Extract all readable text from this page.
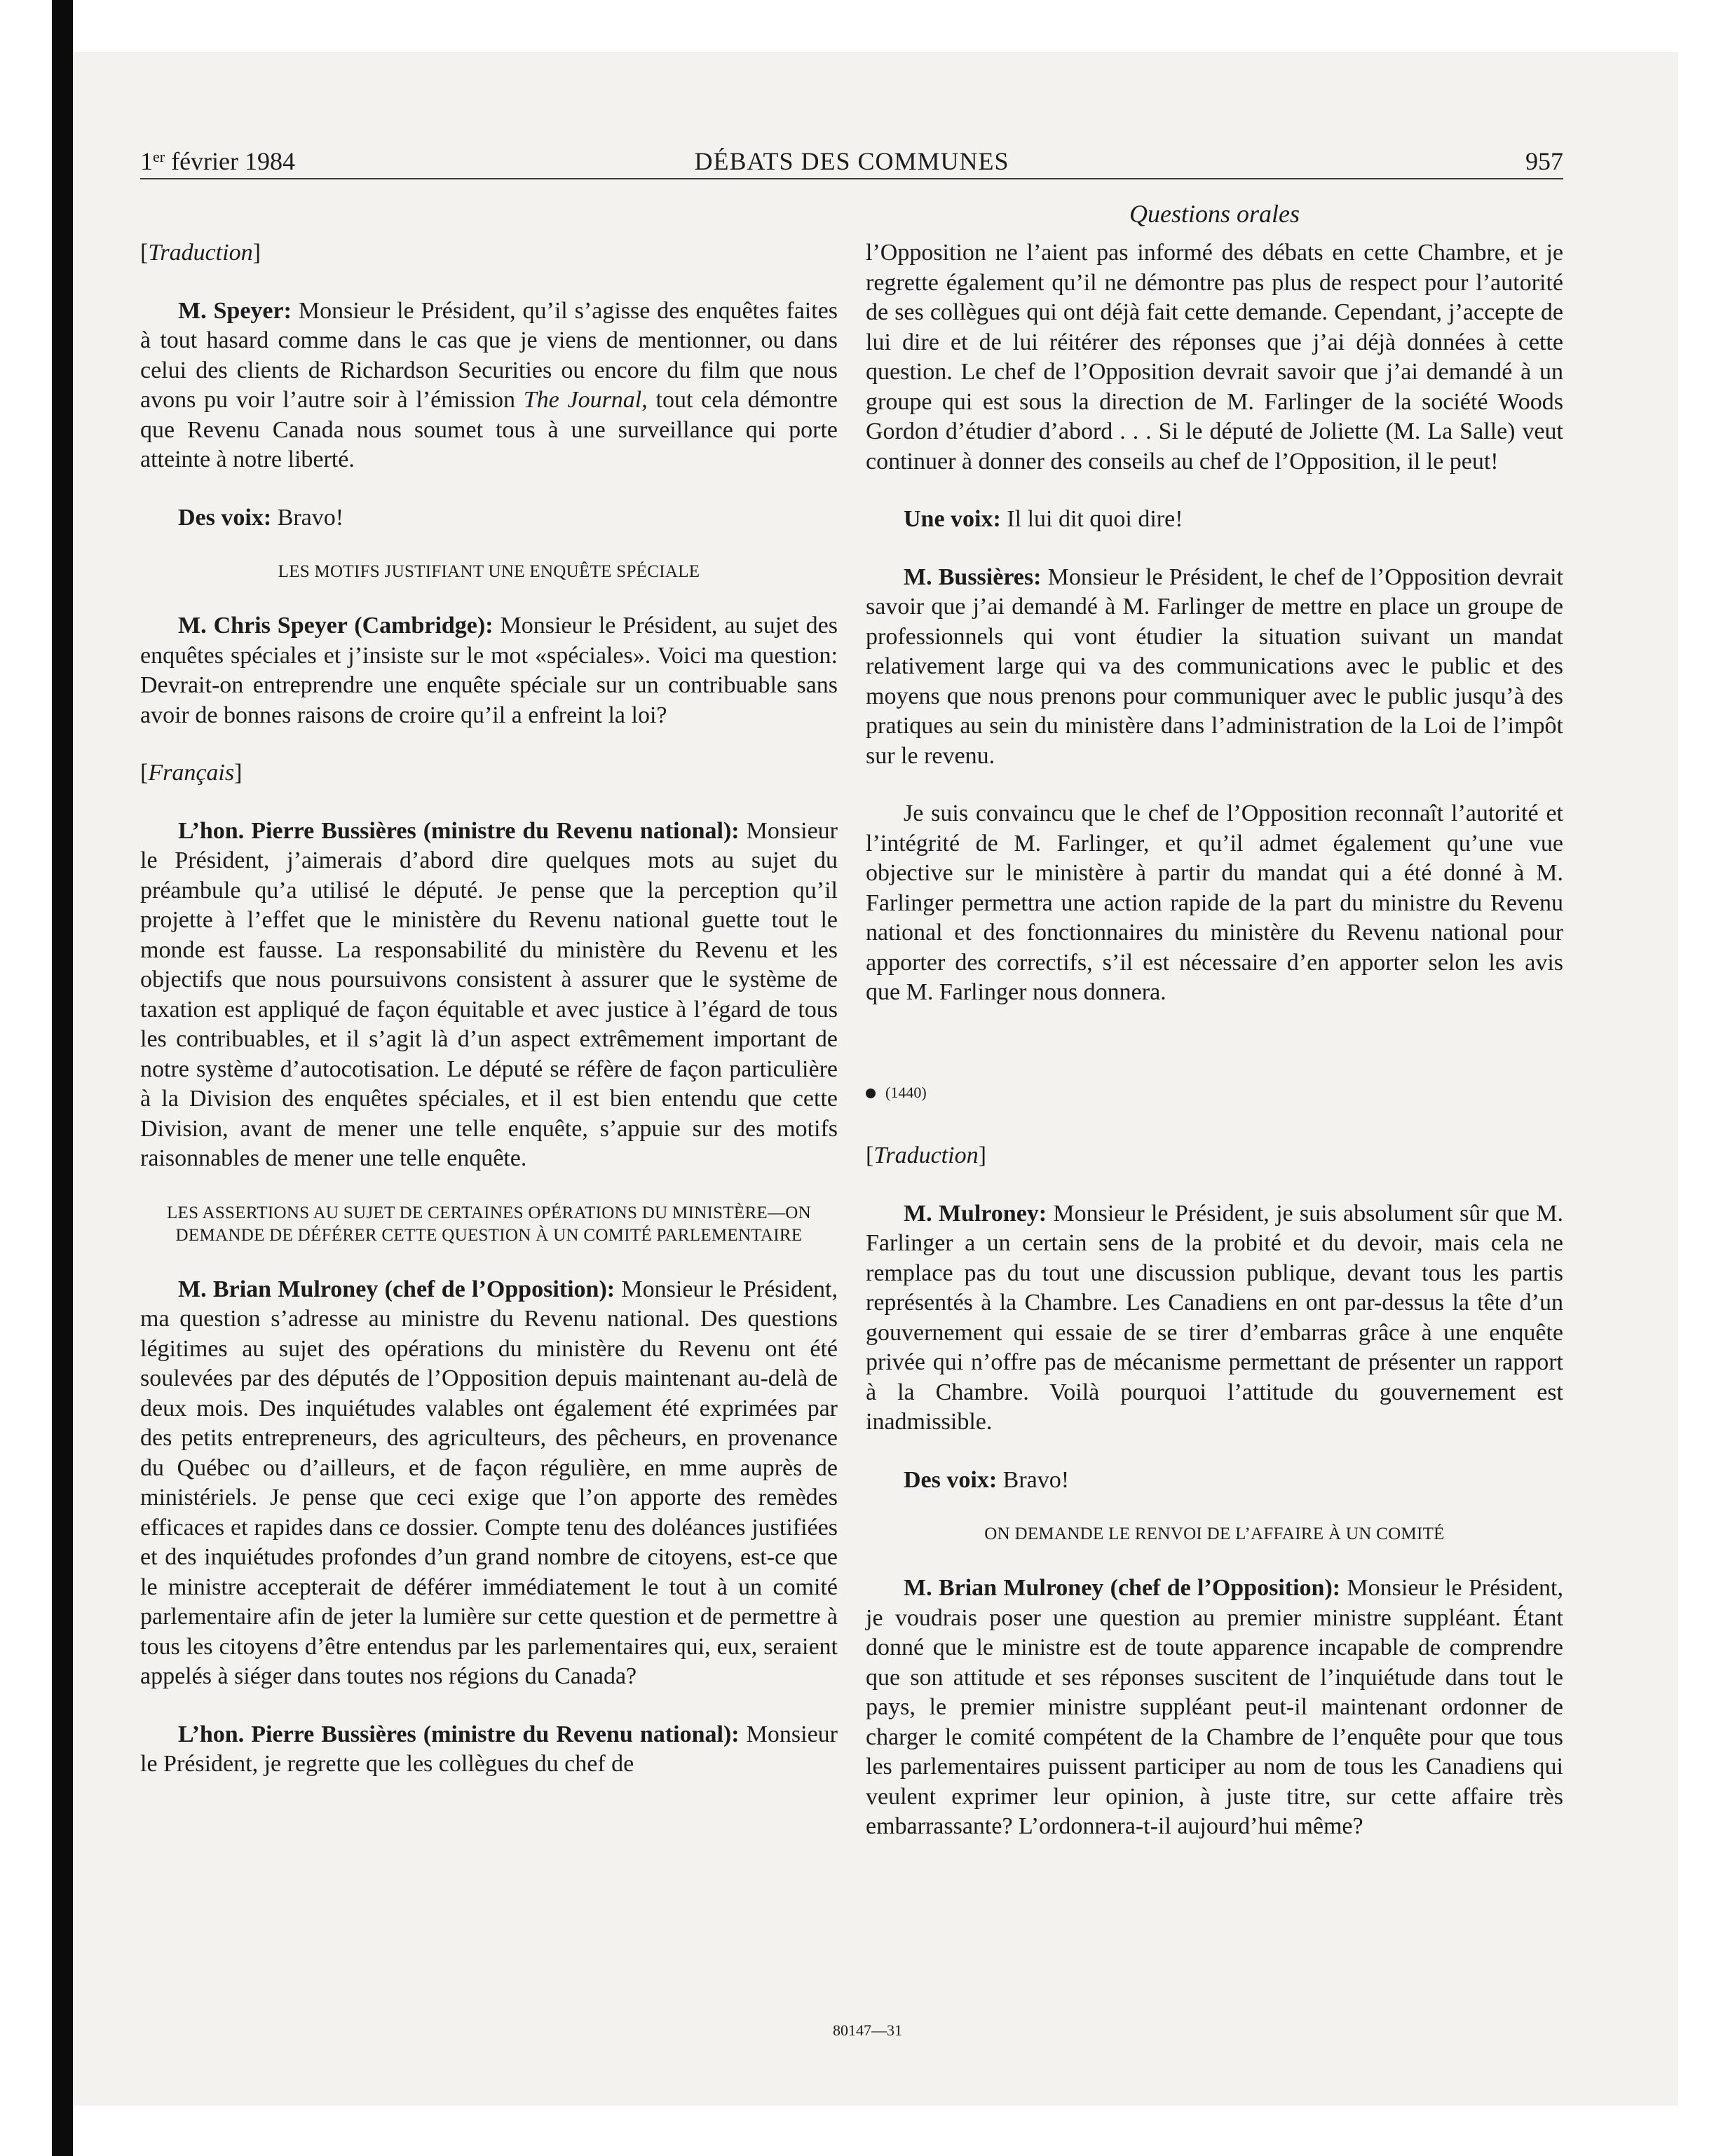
1er février 1984	DÉBATS DES COMMUNES	957
Questions orales

[Traduction]

M. Speyer: Monsieur le Président, qu’il s’agisse des enquêtes faites à tout hasard comme dans le cas que je viens de mentionner, ou dans celui des clients de Richardson Securities ou encore du film que nous avons pu voir l’autre soir à l’émission The Journal, tout cela démontre que Revenu Canada nous soumet tous à une surveillance qui porte atteinte à notre liberté.

Des voix: Bravo!

LES MOTIFS JUSTIFIANT UNE ENQUÊTE SPÉCIALE

M. Chris Speyer (Cambridge): Monsieur le Président, au sujet des enquêtes spéciales et j’insiste sur le mot «spéciales». Voici ma question: Devrait-on entreprendre une enquête spéciale sur un contribuable sans avoir de bonnes raisons de croire qu’il a enfreint la loi?

[Français]

L’hon. Pierre Bussières (ministre du Revenu national): Monsieur le Président, j’aimerais d’abord dire quelques mots au sujet du préambule qu’a utilisé le député. Je pense que la perception qu’il projette à l’effet que le ministère du Revenu national guette tout le monde est fausse. La responsabilité du ministère du Revenu et les objectifs que nous poursuivons consistent à assurer que le système de taxation est appliqué de façon équitable et avec justice à l’égard de tous les contribuables, et il s’agit là d’un aspect extrêmement important de notre système d’autocotisation. Le député se réfère de façon particulière à la Division des enquêtes spéciales, et il est bien entendu que cette Division, avant de mener une telle enquête, s’appuie sur des motifs raisonnables de mener une telle enquête.

LES ASSERTIONS AU SUJET DE CERTAINES OPÉRATIONS DU MINISTÈRE—ON DEMANDE DE DÉFÉRER CETTE QUESTION À UN COMITÉ PARLEMENTAIRE

M. Brian Mulroney (chef de l’Opposition): Monsieur le Président, ma question s’adresse au ministre du Revenu national. Des questions légitimes au sujet des opérations du ministère du Revenu ont été soulevées par des députés de l’Opposition depuis maintenant au-delà de deux mois. Des inquiétudes valables ont également été exprimées par des petits entrepreneurs, des agriculteurs, des pêcheurs, en provenance du Québec ou d’ailleurs, et de façon régulière, en mme auprès de ministériels. Je pense que ceci exige que l’on apporte des remèdes efficaces et rapides dans ce dossier. Compte tenu des doléances justifiées et des inquiétudes profondes d’un grand nombre de citoyens, est-ce que le ministre accepterait de déférer immédiatement le tout à un comité parlementaire afin de jeter la lumière sur cette question et de permettre à tous les citoyens d’être entendus par les parlementaires qui, eux, seraient appelés à siéger dans toutes nos régions du Canada?

L’hon. Pierre Bussières (ministre du Revenu national): Monsieur le Président, je regrette que les collègues du chef de

l’Opposition ne l’aient pas informé des débats en cette Chambre, et je regrette également qu’il ne démontre pas plus de respect pour l’autorité de ses collègues qui ont déjà fait cette demande. Cependant, j’accepte de lui dire et de lui réitérer des réponses que j’ai déjà données à cette question. Le chef de l’Opposition devrait savoir que j’ai demandé à un groupe qui est sous la direction de M. Farlinger de la société Woods Gordon d’étudier d’abord . . . Si le député de Joliette (M. La Salle) veut continuer à donner des conseils au chef de l’Opposition, il le peut!

Une voix: Il lui dit quoi dire!

M. Bussières: Monsieur le Président, le chef de l’Opposition devrait savoir que j’ai demandé à M. Farlinger de mettre en place un groupe de professionnels qui vont étudier la situation suivant un mandat relativement large qui va des communications avec le public et des moyens que nous prenons pour communiquer avec le public jusqu’à des pratiques au sein du ministère dans l’administration de la Loi de l’impôt sur le revenu.

Je suis convaincu que le chef de l’Opposition reconnaît l’autorité et l’intégrité de M. Farlinger, et qu’il admet également qu’une vue objective sur le ministère à partir du mandat qui a été donné à M. Farlinger permettra une action rapide de la part du ministre du Revenu national et des fonctionnaires du ministère du Revenu national pour apporter des correctifs, s’il est nécessaire d’en apporter selon les avis que M. Farlinger nous donnera.

(1440)

[Traduction]

M. Mulroney: Monsieur le Président, je suis absolument sûr que M. Farlinger a un certain sens de la probité et du devoir, mais cela ne remplace pas du tout une discussion publique, devant tous les partis représentés à la Chambre. Les Canadiens en ont par-dessus la tête d’un gouvernement qui essaie de se tirer d’embarras grâce à une enquête privée qui n’offre pas de mécanisme permettant de présenter un rapport à la Chambre. Voilà pourquoi l’attitude du gouvernement est inadmissible.

Des voix: Bravo!

ON DEMANDE LE RENVOI DE L’AFFAIRE À UN COMITÉ

M. Brian Mulroney (chef de l’Opposition): Monsieur le Président, je voudrais poser une question au premier ministre suppléant. Étant donné que le ministre est de toute apparence incapable de comprendre que son attitude et ses réponses suscitent de l’inquiétude dans tout le pays, le premier ministre suppléant peut-il maintenant ordonner de charger le comité compétent de la Chambre de l’enquête pour que tous les parlementaires puissent participer au nom de tous les Canadiens qui veulent exprimer leur opinion, à juste titre, sur cette affaire très embarrassante? L’ordonnera-t-il aujourd’hui même?

80147—31
